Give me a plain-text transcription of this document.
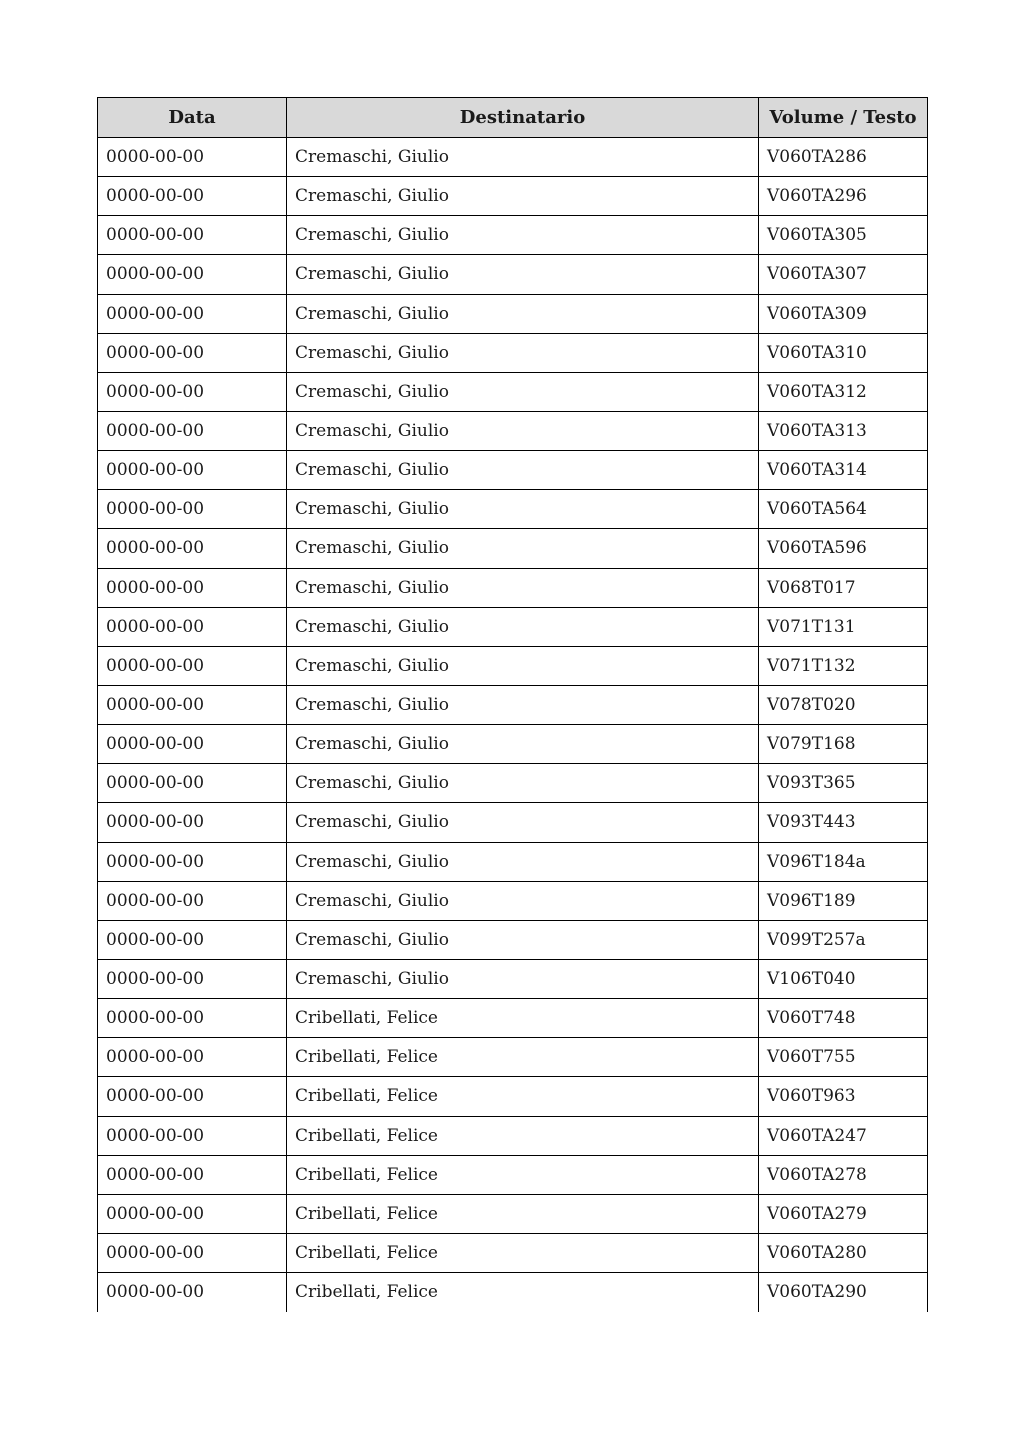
Data	Destinatario	Volume / Testo
0000-00-00	Cremaschi, Giulio	V060TA286
0000-00-00	Cremaschi, Giulio	V060TA296
0000-00-00	Cremaschi, Giulio	V060TA305
0000-00-00	Cremaschi, Giulio	V060TA307
0000-00-00	Cremaschi, Giulio	V060TA309
0000-00-00	Cremaschi, Giulio	V060TA310
0000-00-00	Cremaschi, Giulio	V060TA312
0000-00-00	Cremaschi, Giulio	V060TA313
0000-00-00	Cremaschi, Giulio	V060TA314
0000-00-00	Cremaschi, Giulio	V060TA564
0000-00-00	Cremaschi, Giulio	V060TA596
0000-00-00	Cremaschi, Giulio	V068T017
0000-00-00	Cremaschi, Giulio	V071T131
0000-00-00	Cremaschi, Giulio	V071T132
0000-00-00	Cremaschi, Giulio	V078T020
0000-00-00	Cremaschi, Giulio	V079T168
0000-00-00	Cremaschi, Giulio	V093T365
0000-00-00	Cremaschi, Giulio	V093T443
0000-00-00	Cremaschi, Giulio	V096T184a
0000-00-00	Cremaschi, Giulio	V096T189
0000-00-00	Cremaschi, Giulio	V099T257a
0000-00-00	Cremaschi, Giulio	V106T040
0000-00-00	Cribellati, Felice	V060T748
0000-00-00	Cribellati, Felice	V060T755
0000-00-00	Cribellati, Felice	V060T963
0000-00-00	Cribellati, Felice	V060TA247
0000-00-00	Cribellati, Felice	V060TA278
0000-00-00	Cribellati, Felice	V060TA279
0000-00-00	Cribellati, Felice	V060TA280
0000-00-00	Cribellati, Felice	V060TA290
